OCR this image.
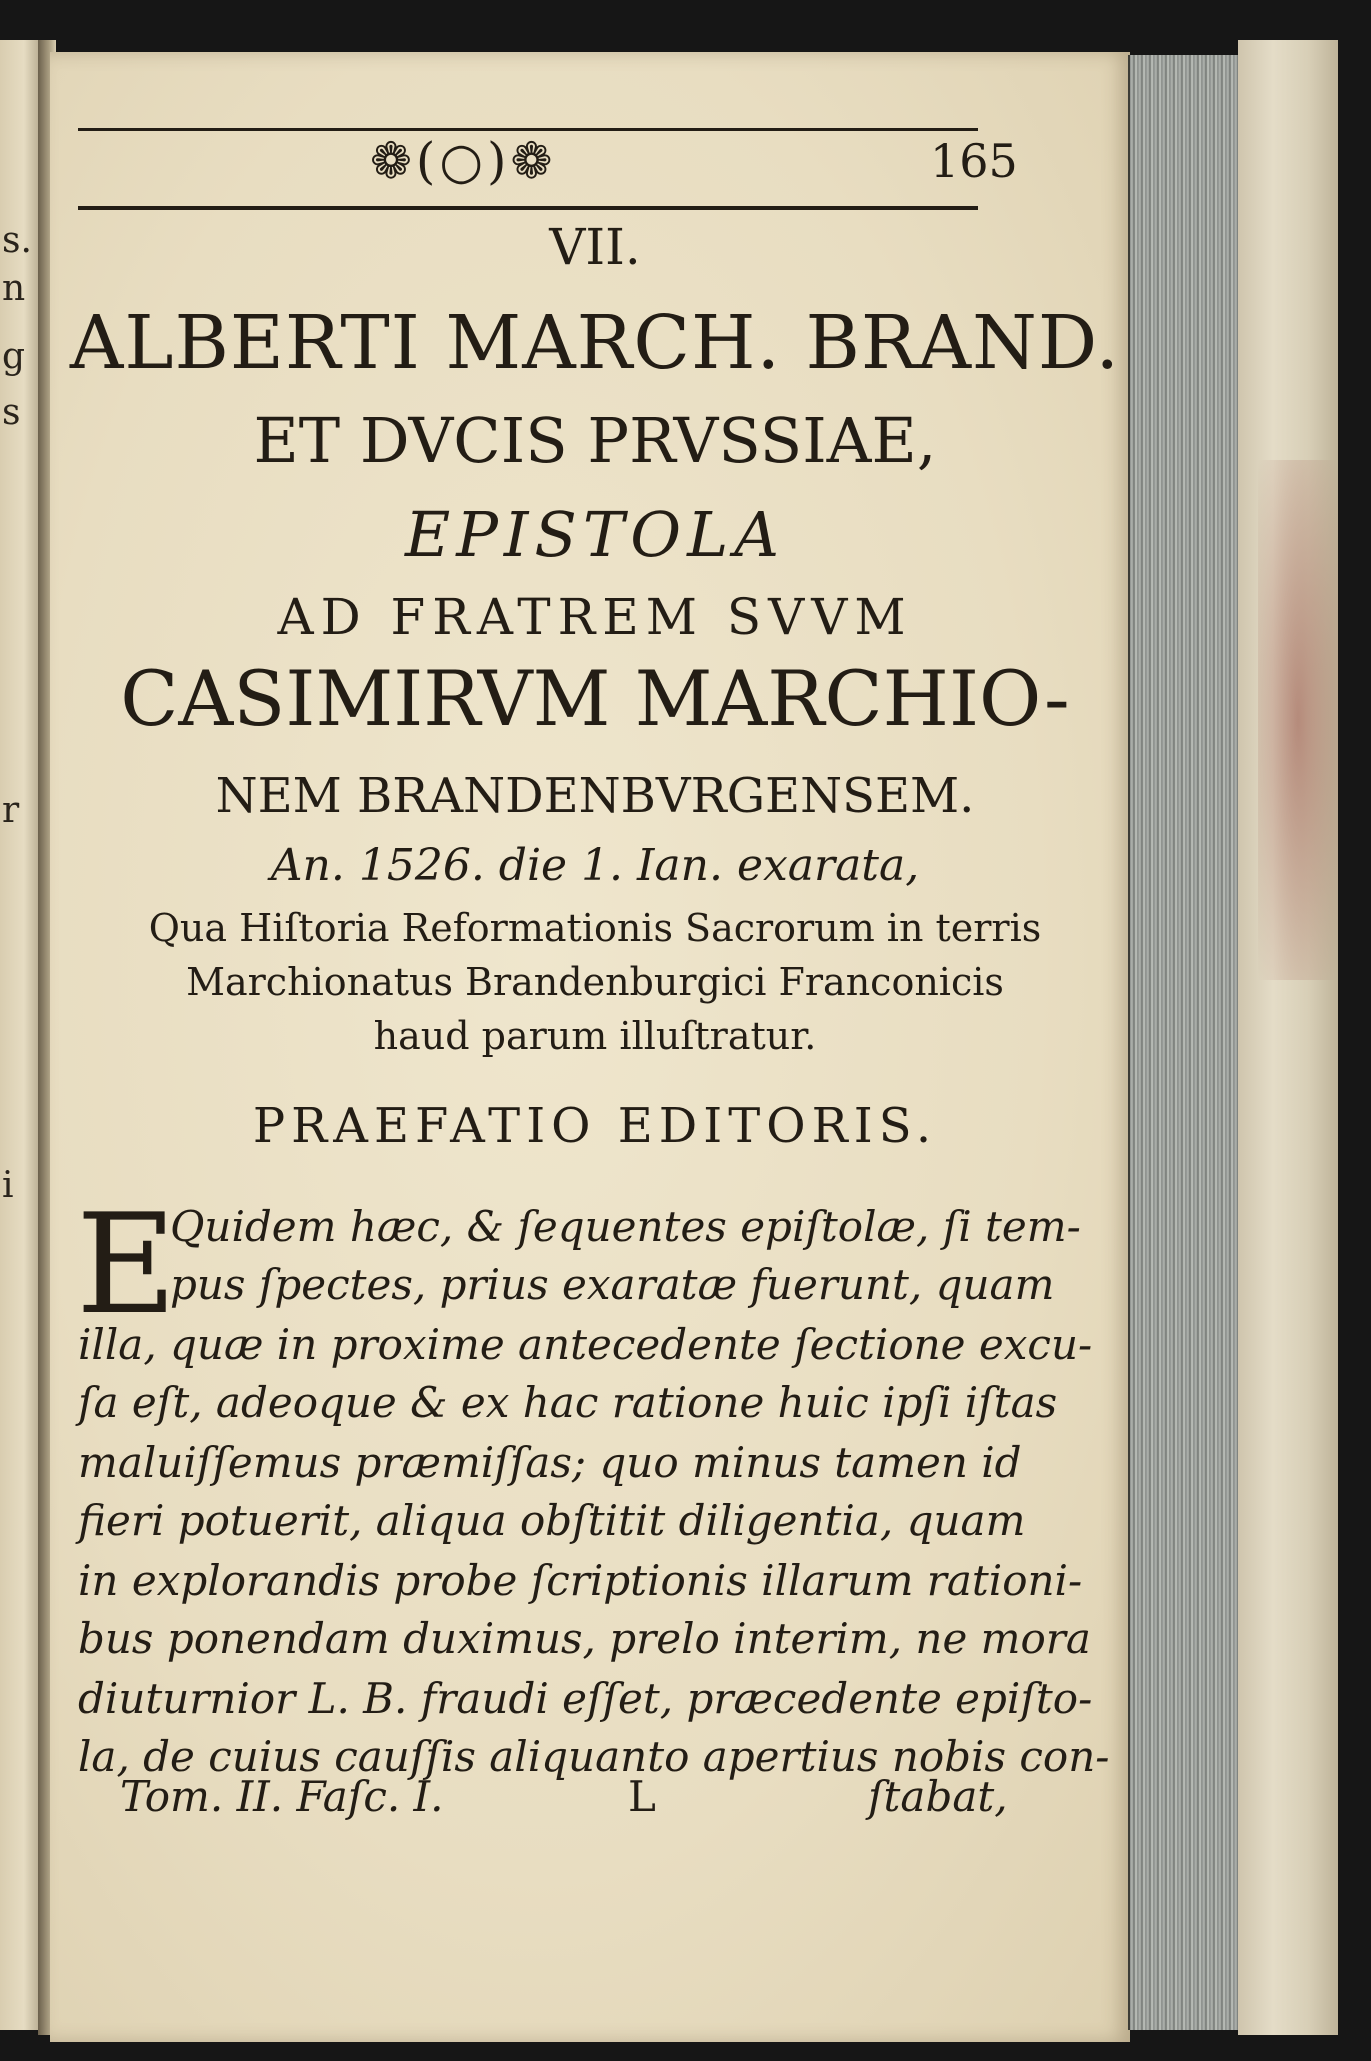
s.
n
g
s
r
i
❁(○)❁	165
VII.
ALBERTI MARCH. BRAND.
ET DVCIS PRVSSIAE,
EPISTOLA
AD FRATREM SVVM
CASIMIRVM MARCHIO-
NEM BRANDENBVRGENSEM.
An. 1526. die 1. Ian. exarata,
Qua Hiſtoria Reformationis Sacrorum in terris
Marchionatus Brandenburgici Franconicis
haud parum illuſtratur.
PRAEFATIO EDITORIS.
E
Quidem hæc, & ſequentes epiſtolæ, ſi tem-
pus ſpectes, prius exaratæ fuerunt, quam
illa, quæ in proxime antecedente ſectione excu-
ſa eſt, adeoque & ex hac ratione huic ipſi iſtas
maluiſſemus præmiſſas; quo minus tamen id
fieri potuerit, aliqua obſtitit diligentia, quam
in explorandis probe ſcriptionis illarum rationi-
bus ponendam duximus, prelo interim, ne mora
diuturnior L. B. fraudi eſſet, præcedente epiſto-
la, de cuius cauſſis aliquanto apertius nobis con-
Tom. II. Faſc. I.	L	ſtabat,
